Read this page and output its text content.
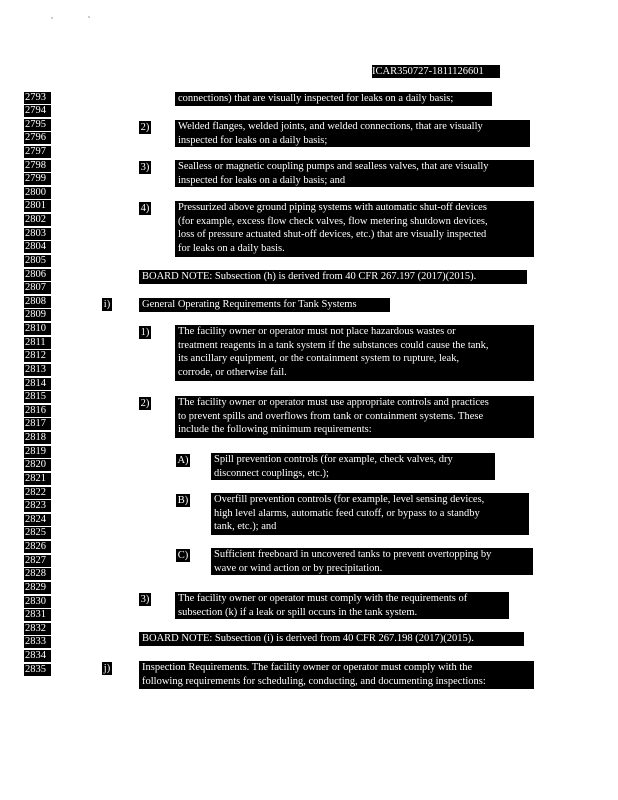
ICAR350727-1811126601
2793
2794
2795
2796
2797
2798
2799
2800
2801
2802
2803
2804
2805
2806
2807
2808
2809
2810
2811
2812
2813
2814
2815
2816
2817
2818
2819
2820
2821
2822
2823
2824
2825
2826
2827
2828
2829
2830
2831
2832
2833
2834
2835
2)
3)
4)
i)
1)
2)
A)
B)
C)
3)
j)
connections) that are visually inspected for leaks on a daily basis;
Welded flanges, welded joints, and welded connections, that are visually
inspected for leaks on a daily basis;
Sealless or magnetic coupling pumps and sealless valves, that are visually
inspected for leaks on a daily basis; and
Pressurized above ground piping systems with automatic shut-off devices
(for example, excess flow check valves, flow metering shutdown devices,
loss of pressure actuated shut-off devices, etc.) that are visually inspected
for leaks on a daily basis.
BOARD NOTE: Subsection (h) is derived from 40 CFR 267.197 (2017)(2015).
General Operating Requirements for Tank Systems
The facility owner or operator must not place hazardous wastes or
treatment reagents in a tank system if the substances could cause the tank,
its ancillary equipment, or the containment system to rupture, leak,
corrode, or otherwise fail.
The facility owner or operator must use appropriate controls and practices
to prevent spills and overflows from tank or containment systems. These
include the following minimum requirements:
Spill prevention controls (for example, check valves, dry
disconnect couplings, etc.);
Overfill prevention controls (for example, level sensing devices,
high level alarms, automatic feed cutoff, or bypass to a standby
tank, etc.); and
Sufficient freeboard in uncovered tanks to prevent overtopping by
wave or wind action or by precipitation.
The facility owner or operator must comply with the requirements of
subsection (k) if a leak or spill occurs in the tank system.
BOARD NOTE: Subsection (i) is derived from 40 CFR 267.198 (2017)(2015).
Inspection Requirements. The facility owner or operator must comply with the
following requirements for scheduling, conducting, and documenting inspections:
